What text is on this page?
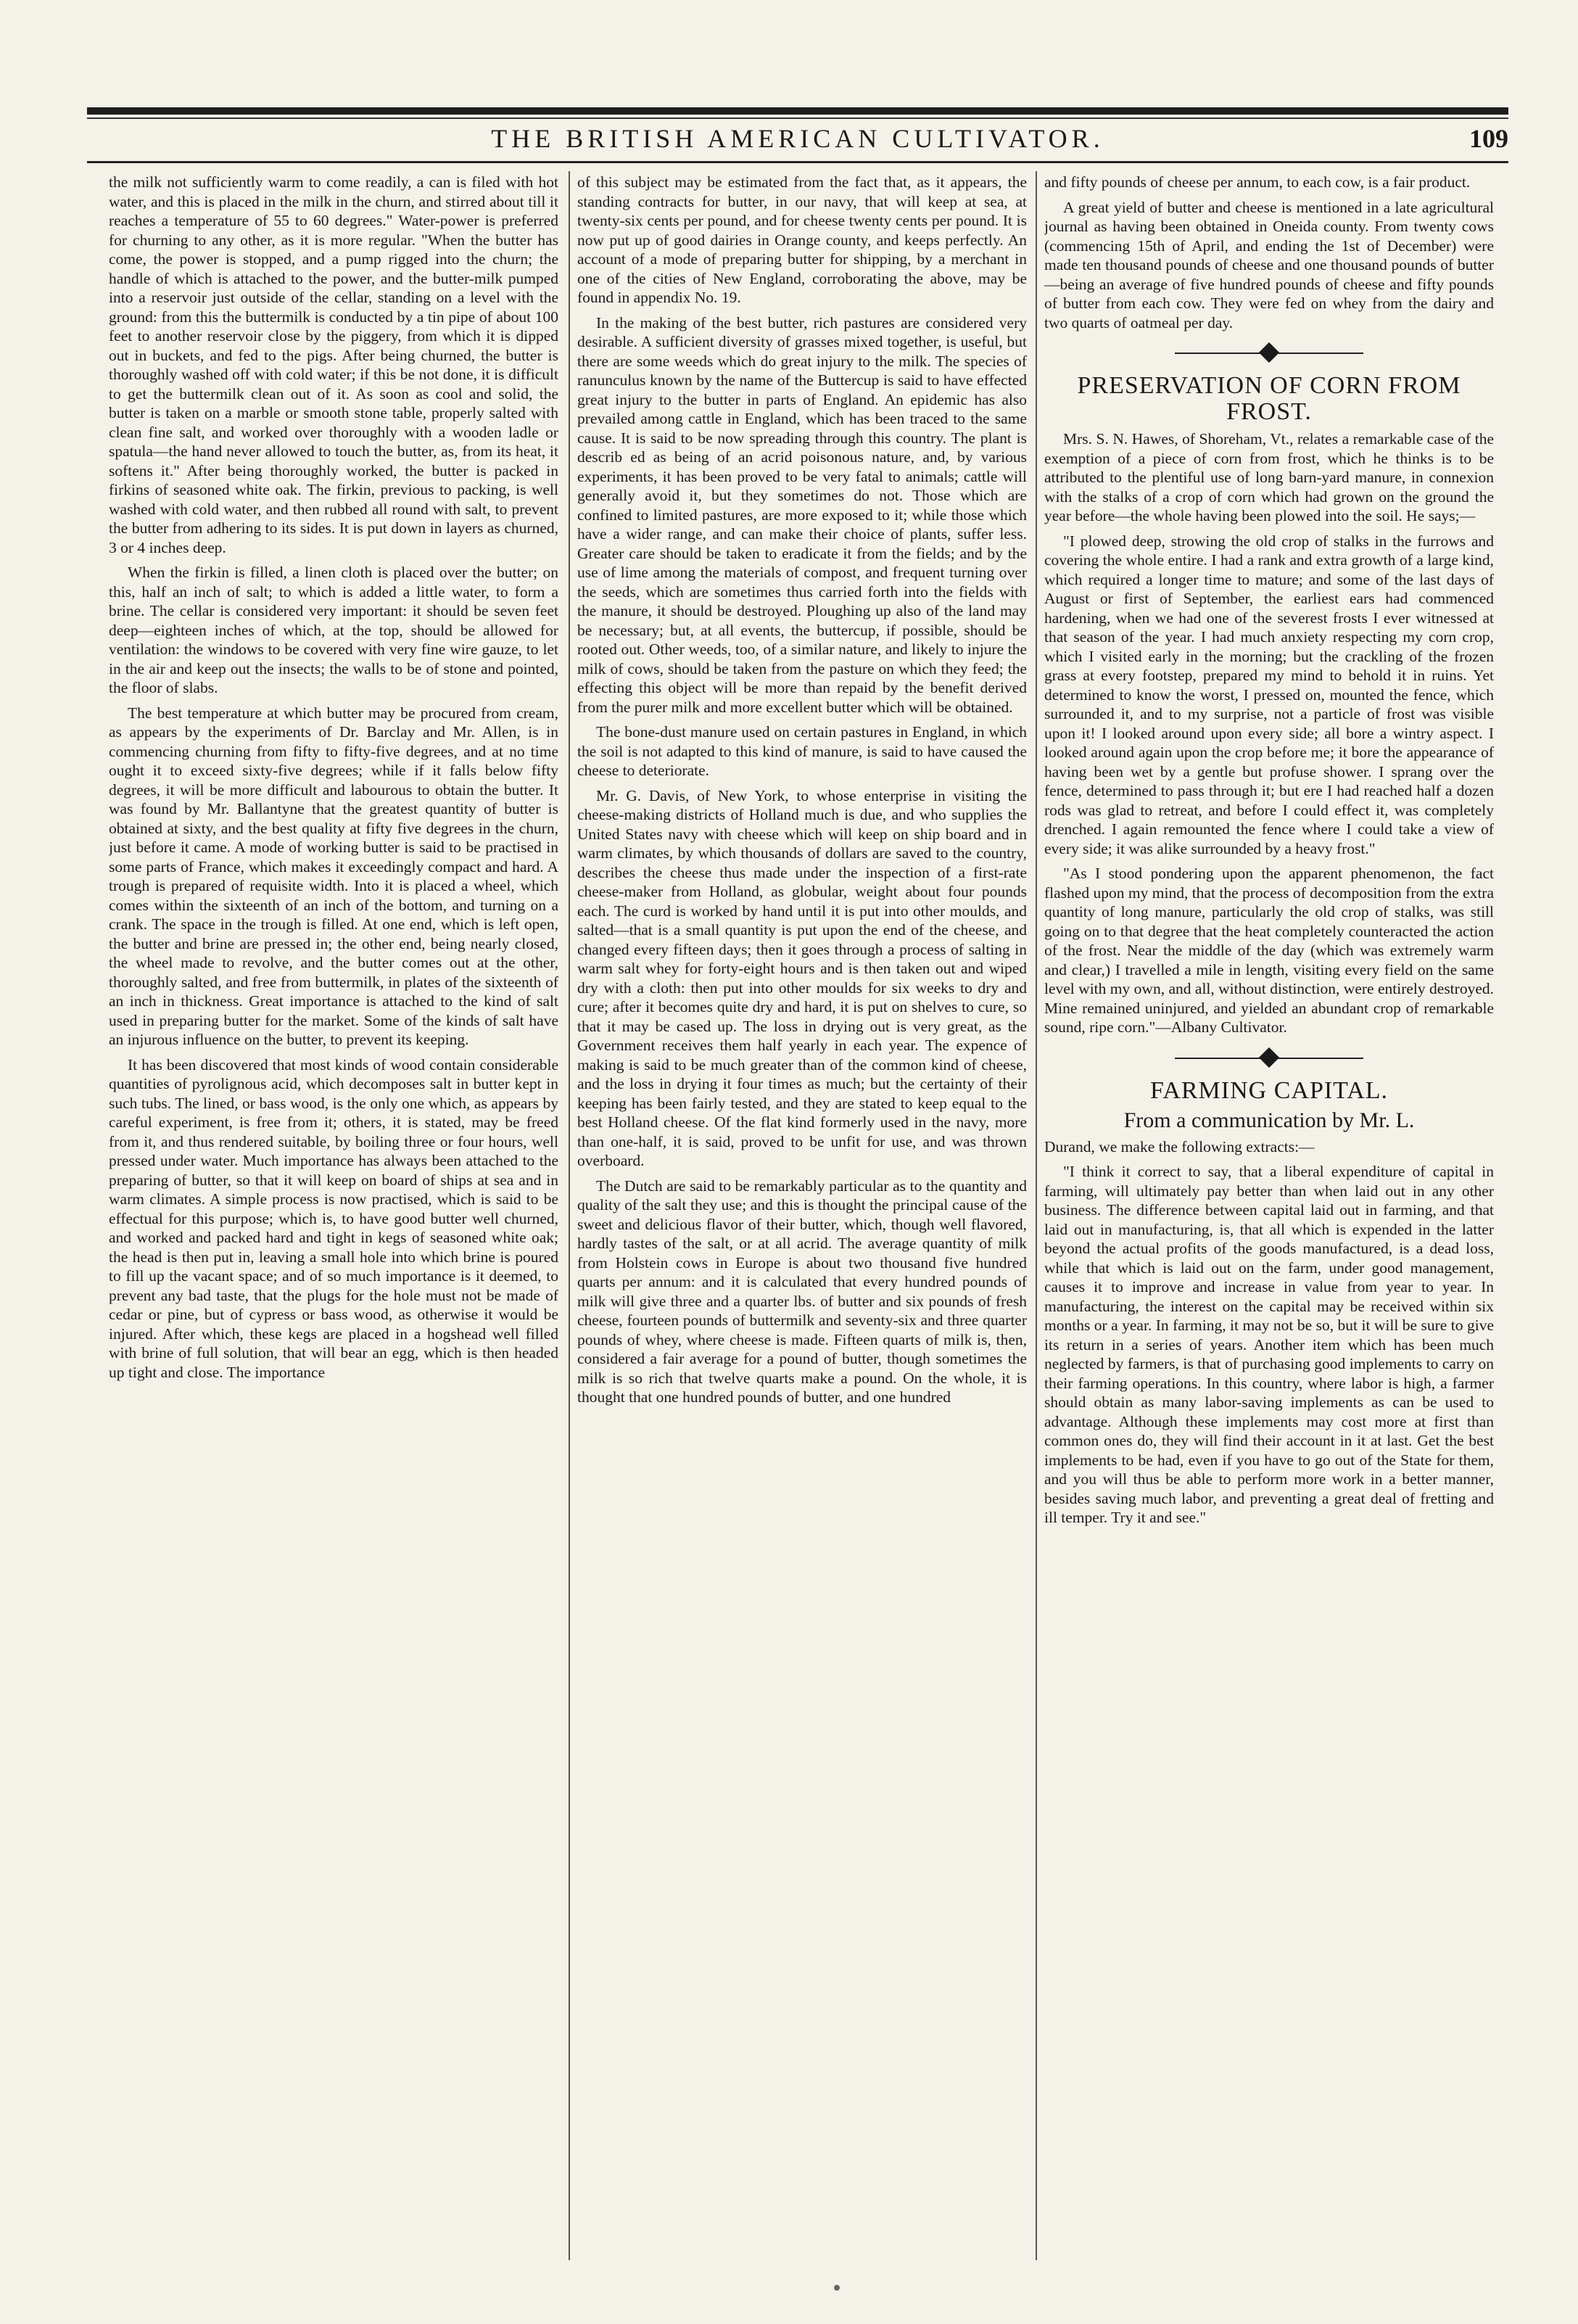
THE BRITISH AMERICAN CULTIVATOR.	109

the milk not sufficiently warm to come readily, a can is filed with hot water, and this is placed in the milk in the churn, and stirred about till it reaches a temperature of 55 to 60 degrees." Water-power is preferred for churning to any other, as it is more regular. "When the butter has come, the power is stopped, and a pump rigged into the churn; the handle of which is attached to the power, and the butter-milk pumped into a reservoir just outside of the cellar, standing on a level with the ground: from this the buttermilk is conducted by a tin pipe of about 100 feet to another reservoir close by the piggery, from which it is dipped out in buckets, and fed to the pigs. After being churned, the butter is thoroughly washed off with cold water; if this be not done, it is difficult to get the buttermilk clean out of it. As soon as cool and solid, the butter is taken on a marble or smooth stone table, properly salted with clean fine salt, and worked over thoroughly with a wooden ladle or spatula—the hand never allowed to touch the butter, as, from its heat, it softens it." After being thoroughly worked, the butter is packed in firkins of seasoned white oak. The firkin, previous to packing, is well washed with cold water, and then rubbed all round with salt, to prevent the butter from adhering to its sides. It is put down in layers as churned, 3 or 4 inches deep.

When the firkin is filled, a linen cloth is placed over the butter; on this, half an inch of salt; to which is added a little water, to form a brine. The cellar is considered very important: it should be seven feet deep—eighteen inches of which, at the top, should be allowed for ventilation: the windows to be covered with very fine wire gauze, to let in the air and keep out the insects; the walls to be of stone and pointed, the floor of slabs.

The best temperature at which butter may be procured from cream, as appears by the experiments of Dr. Barclay and Mr. Allen, is in commencing churning from fifty to fifty-five degrees, and at no time ought it to exceed sixty-five degrees; while if it falls below fifty degrees, it will be more difficult and labourous to obtain the butter. It was found by Mr. Ballantyne that the greatest quantity of butter is obtained at sixty, and the best quality at fifty five degrees in the churn, just before it came. A mode of working butter is said to be practised in some parts of France, which makes it exceedingly compact and hard. A trough is prepared of requisite width. Into it is placed a wheel, which comes within the sixteenth of an inch of the bottom, and turning on a crank. The space in the trough is filled. At one end, which is left open, the butter and brine are pressed in; the other end, being nearly closed, the wheel made to revolve, and the butter comes out at the other, thoroughly salted, and free from buttermilk, in plates of the sixteenth of an inch in thickness. Great importance is attached to the kind of salt used in preparing butter for the market. Some of the kinds of salt have an injurous influence on the butter, to prevent its keeping.

It has been discovered that most kinds of wood contain considerable quantities of pyrolignous acid, which decomposes salt in butter kept in such tubs. The lined, or bass wood, is the only one which, as appears by careful experiment, is free from it; others, it is stated, may be freed from it, and thus rendered suitable, by boiling three or four hours, well pressed under water. Much importance has always been attached to the preparing of butter, so that it will keep on board of ships at sea and in warm climates. A simple process is now practised, which is said to be effectual for this purpose; which is, to have good butter well churned, and worked and packed hard and tight in kegs of seasoned white oak; the head is then put in, leaving a small hole into which brine is poured to fill up the vacant space; and of so much importance is it deemed, to prevent any bad taste, that the plugs for the hole must not be made of cedar or pine, but of cypress or bass wood, as otherwise it would be injured. After which, these kegs are placed in a hogshead well filled with brine of full solution, that will bear an egg, which is then headed up tight and close. The importance

of this subject may be estimated from the fact that, as it appears, the standing contracts for butter, in our navy, that will keep at sea, at twenty-six cents per pound, and for cheese twenty cents per pound. It is now put up of good dairies in Orange county, and keeps perfectly. An account of a mode of preparing butter for shipping, by a merchant in one of the cities of New England, corroborating the above, may be found in appendix No. 19.

In the making of the best butter, rich pastures are considered very desirable. A sufficient diversity of grasses mixed together, is useful, but there are some weeds which do great injury to the milk. The species of ranunculus known by the name of the Buttercup is said to have effected great injury to the butter in parts of England. An epidemic has also prevailed among cattle in England, which has been traced to the same cause. It is said to be now spreading through this country. The plant is describ ed as being of an acrid poisonous nature, and, by various experiments, it has been proved to be very fatal to animals; cattle will generally avoid it, but they sometimes do not. Those which are confined to limited pastures, are more exposed to it; while those which have a wider range, and can make their choice of plants, suffer less. Greater care should be taken to eradicate it from the fields; and by the use of lime among the materials of compost, and frequent turning over the seeds, which are sometimes thus carried forth into the fields with the manure, it should be destroyed. Ploughing up also of the land may be necessary; but, at all events, the buttercup, if possible, should be rooted out. Other weeds, too, of a similar nature, and likely to injure the milk of cows, should be taken from the pasture on which they feed; the effecting this object will be more than repaid by the benefit derived from the purer milk and more excellent butter which will be obtained.

The bone-dust manure used on certain pastures in England, in which the soil is not adapted to this kind of manure, is said to have caused the cheese to deteriorate.

Mr. G. Davis, of New York, to whose enterprise in visiting the cheese-making districts of Holland much is due, and who supplies the United States navy with cheese which will keep on ship board and in warm climates, by which thousands of dollars are saved to the country, describes the cheese thus made under the inspection of a first-rate cheese-maker from Holland, as globular, weight about four pounds each. The curd is worked by hand until it is put into other moulds, and salted—that is a small quantity is put upon the end of the cheese, and changed every fifteen days; then it goes through a process of salting in warm salt whey for forty-eight hours and is then taken out and wiped dry with a cloth: then put into other moulds for six weeks to dry and cure; after it becomes quite dry and hard, it is put on shelves to cure, so that it may be cased up. The loss in drying out is very great, as the Government receives them half yearly in each year. The expence of making is said to be much greater than of the common kind of cheese, and the loss in drying it four times as much; but the certainty of their keeping has been fairly tested, and they are stated to keep equal to the best Holland cheese. Of the flat kind formerly used in the navy, more than one-half, it is said, proved to be unfit for use, and was thrown overboard.

The Dutch are said to be remarkably particular as to the quantity and quality of the salt they use; and this is thought the principal cause of the sweet and delicious flavor of their butter, which, though well flavored, hardly tastes of the salt, or at all acrid. The average quantity of milk from Holstein cows in Europe is about two thousand five hundred quarts per annum: and it is calculated that every hundred pounds of milk will give three and a quarter lbs. of butter and six pounds of fresh cheese, fourteen pounds of buttermilk and seventy-six and three quarter pounds of whey, where cheese is made. Fifteen quarts of milk is, then, considered a fair average for a pound of butter, though sometimes the milk is so rich that twelve quarts make a pound. On the whole, it is thought that one hundred pounds of butter, and one hundred

and fifty pounds of cheese per annum, to each cow, is a fair product.

A great yield of butter and cheese is mentioned in a late agricultural journal as having been obtained in Oneida county. From twenty cows (commencing 15th of April, and ending the 1st of December) were made ten thousand pounds of cheese and one thousand pounds of butter—being an average of five hundred pounds of cheese and fifty pounds of butter from each cow. They were fed on whey from the dairy and two quarts of oatmeal per day.

PRESERVATION OF CORN FROM FROST.

Mrs. S. N. Hawes, of Shoreham, Vt., relates a remarkable case of the exemption of a piece of corn from frost, which he thinks is to be attributed to the plentiful use of long barn-yard manure, in connexion with the stalks of a crop of corn which had grown on the ground the year before—the whole having been plowed into the soil. He says;—

"I plowed deep, strowing the old crop of stalks in the furrows and covering the whole entire. I had a rank and extra growth of a large kind, which required a longer time to mature; and some of the last days of August or first of September, the earliest ears had commenced hardening, when we had one of the severest frosts I ever witnessed at that season of the year. I had much anxiety respecting my corn crop, which I visited early in the morning; but the crackling of the frozen grass at every footstep, prepared my mind to behold it in ruins. Yet determined to know the worst, I pressed on, mounted the fence, which surrounded it, and to my surprise, not a particle of frost was visible upon it! I looked around upon every side; all bore a wintry aspect. I looked around again upon the crop before me; it bore the appearance of having been wet by a gentle but profuse shower. I sprang over the fence, determined to pass through it; but ere I had reached half a dozen rods was glad to retreat, and before I could effect it, was completely drenched. I again remounted the fence where I could take a view of every side; it was alike surrounded by a heavy frost."

"As I stood pondering upon the apparent phenomenon, the fact flashed upon my mind, that the process of decomposition from the extra quantity of long manure, particularly the old crop of stalks, was still going on to that degree that the heat completely counteracted the action of the frost. Near the middle of the day (which was extremely warm and clear,) I travelled a mile in length, visiting every field on the same level with my own, and all, without distinction, were entirely destroyed. Mine remained uninjured, and yielded an abundant crop of remarkable sound, ripe corn."—Albany Cultivator.

FARMING CAPITAL.
From a communication by Mr. L.

Durand, we make the following extracts:—

"I think it correct to say, that a liberal expenditure of capital in farming, will ultimately pay better than when laid out in any other business. The difference between capital laid out in farming, and that laid out in manufacturing, is, that all which is expended in the latter beyond the actual profits of the goods manufactured, is a dead loss, while that which is laid out on the farm, under good management, causes it to improve and increase in value from year to year. In manufacturing, the interest on the capital may be received within six months or a year. In farming, it may not be so, but it will be sure to give its return in a series of years. Another item which has been much neglected by farmers, is that of purchasing good implements to carry on their farming operations. In this country, where labor is high, a farmer should obtain as many labor-saving implements as can be used to advantage. Although these implements may cost more at first than common ones do, they will find their account in it at last. Get the best implements to be had, even if you have to go out of the State for them, and you will thus be able to perform more work in a better manner, besides saving much labor, and preventing a great deal of fretting and ill temper. Try it and see."
